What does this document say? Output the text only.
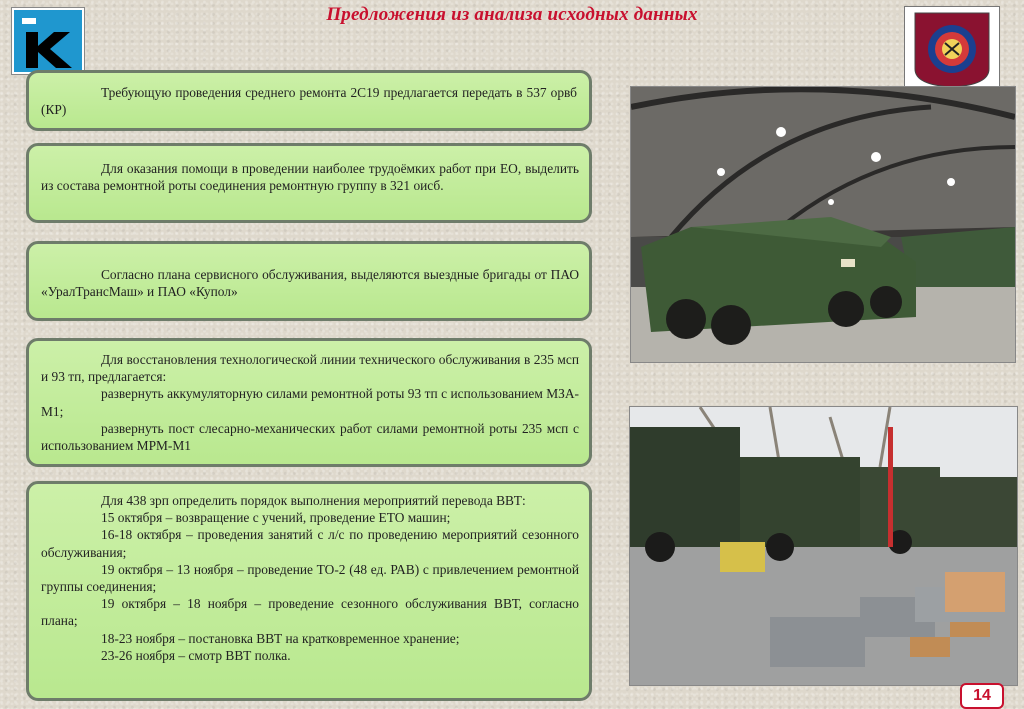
Предложения из анализа исходных данных

Требующую проведения среднего ремонта 2С19 предлагается передать в 537 орвб (КР)

Для оказания помощи в проведении наиболее трудоёмких работ при ЕО, выделить из состава ремонтной роты соединения ремонтную группу в 321 оисб.

Согласно плана сервисного обслуживания, выделяются выездные бригады от ПАО «УралТрансМаш» и ПАО «Купол»

Для восстановления технологической линии технического обслуживания в 235 мсп и 93 тп, предлагается:

развернуть аккумуляторную силами ремонтной роты 93 тп с использованием МЗА-М1;

развернуть пост слесарно-механических работ силами ремонтной роты 235 мсп с использованием МРМ-М1

Для 438 зрп определить порядок выполнения мероприятий перевода ВВТ:

15 октября – возвращение с учений, проведение ЕТО машин;

16-18 октября – проведения занятий с л/с по проведению мероприятий сезонного обслуживания;

19 октября – 13 ноября – проведение ТО-2 (48 ед. РАВ) с привлечением ремонтной группы соединения;

19 октября – 18 ноября – проведение сезонного обслуживания ВВТ, согласно плана;

18-23 ноября – постановка ВВТ на кратковременное хранение;

23-26 ноября – смотр ВВТ полка.

14
